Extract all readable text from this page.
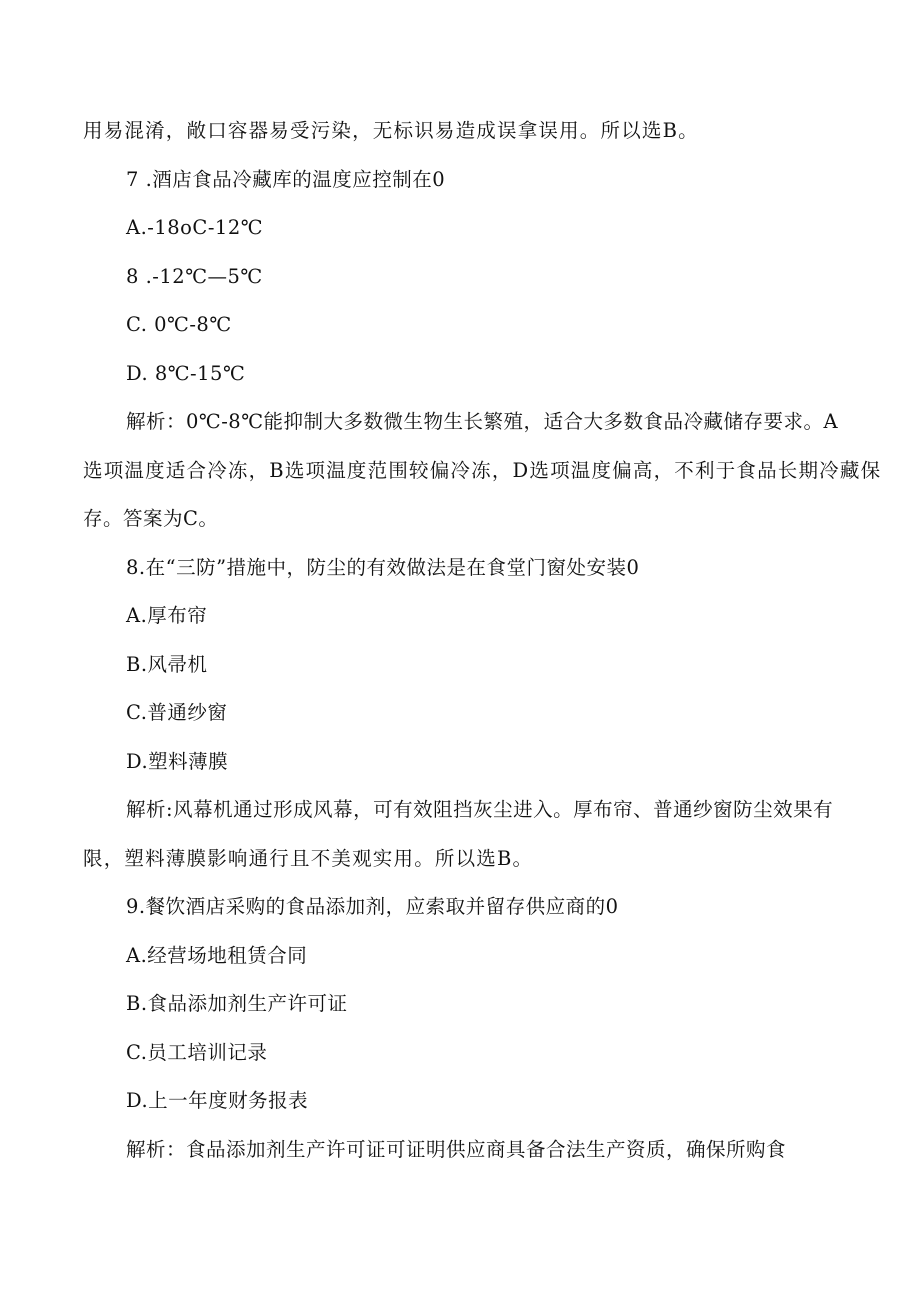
用易混淆，敞口容器易受污染，无标识易造成误拿误用。所以选B。
7 .酒店食品冷藏库的温度应控制在0
A.-18oC-12℃
8 .-12℃—5℃
C. 0℃-8℃
D. 8℃-15℃
解析：0℃-8℃能抑制大多数微生物生长繁殖，适合大多数食品冷藏储存要求。A
选项温度适合冷冻，B选项温度范围较偏冷冻，D选项温度偏高，不利于食品长期冷藏保
存。答案为C。
8.在“三防”措施中，防尘的有效做法是在食堂门窗处安装0
A.厚布帘
B.风帚机
C.普通纱窗
D.塑料薄膜
解析:风幕机通过形成风幕，可有效阻挡灰尘进入。厚布帘、普通纱窗防尘效果有
限，塑料薄膜影响通行且不美观实用。所以选B。
9.餐饮酒店采购的食品添加剂，应索取并留存供应商的0
A.经营场地租赁合同
B.食品添加剂生产许可证
C.员工培训记录
D.上一年度财务报表
解析：食品添加剂生产许可证可证明供应商具备合法生产资质，确保所购食
